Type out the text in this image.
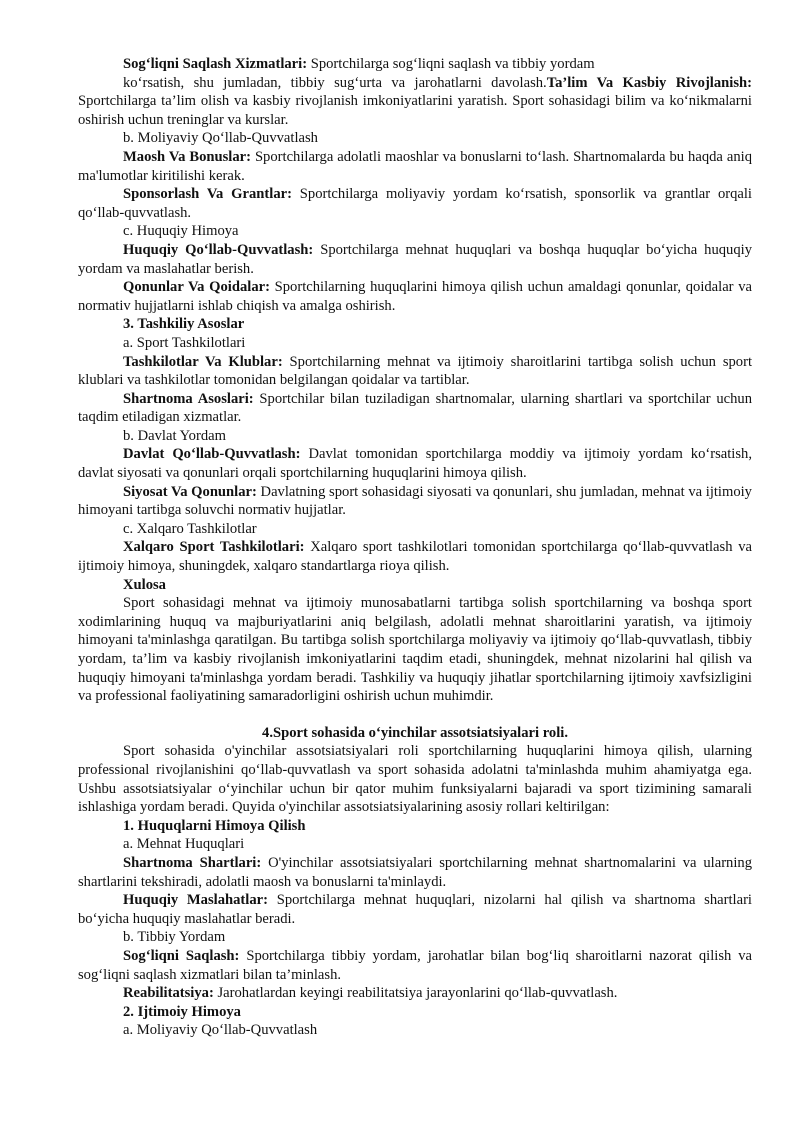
Sog‘liqni Saqlash Xizmatlari: Sportchilarga sog‘liqni saqlash va tibbiy yordam

ko‘rsatish, shu jumladan, tibbiy sug‘urta va jarohatlarni davolash.Ta’lim Va Kasbiy Rivojlanish: Sportchilarga ta’lim olish va kasbiy rivojlanish imkoniyatlarini yaratish. Sport sohasidagi bilim va ko‘nikmalarni oshirish uchun treninglar va kurslar.

b. Moliyaviy Qo‘llab-Quvvatlash

Maosh Va Bonuslar: Sportchilarga adolatli maoshlar va bonuslarni to‘lash. Shartnomalarda bu haqda aniq ma'lumotlar kiritilishi kerak.

Sponsorlash Va Grantlar: Sportchilarga moliyaviy yordam ko‘rsatish, sponsorlik va grantlar orqali qo‘llab-quvvatlash.

c. Huquqiy Himoya

Huquqiy Qo‘llab-Quvvatlash: Sportchilarga mehnat huquqlari va boshqa huquqlar bo‘yicha huquqiy yordam va maslahatlar berish.

Qonunlar Va Qoidalar: Sportchilarning huquqlarini himoya qilish uchun amaldagi qonunlar, qoidalar va normativ hujjatlarni ishlab chiqish va amalga oshirish.

3. Tashkiliy Asoslar

a. Sport Tashkilotlari

Tashkilotlar Va Klublar: Sportchilarning mehnat va ijtimoiy sharoitlarini tartibga solish uchun sport klublari va tashkilotlar tomonidan belgilangan qoidalar va tartiblar.

Shartnoma Asoslari: Sportchilar bilan tuziladigan shartnomalar, ularning shartlari va sportchilar uchun taqdim etiladigan xizmatlar.

b. Davlat Yordam

Davlat Qo‘llab-Quvvatlash: Davlat tomonidan sportchilarga moddiy va ijtimoiy yordam ko‘rsatish, davlat siyosati va qonunlari orqali sportchilarning huquqlarini himoya qilish.

Siyosat Va Qonunlar: Davlatning sport sohasidagi siyosati va qonunlari, shu jumladan, mehnat va ijtimoiy himoyani tartibga soluvchi normativ hujjatlar.

c. Xalqaro Tashkilotlar

Xalqaro Sport Tashkilotlari: Xalqaro sport tashkilotlari tomonidan sportchilarga qo‘llab-quvvatlash va ijtimoiy himoya, shuningdek, xalqaro standartlarga rioya qilish.

Xulosa

Sport sohasidagi mehnat va ijtimoiy munosabatlarni tartibga solish sportchilarning va boshqa sport xodimlarining huquq va majburiyatlarini aniq belgilash, adolatli mehnat sharoitlarini yaratish, va ijtimoiy himoyani ta'minlashga qaratilgan. Bu tartibga solish sportchilarga moliyaviy va ijtimoiy qo‘llab-quvvatlash, tibbiy yordam, ta’lim va kasbiy rivojlanish imkoniyatlarini taqdim etadi, shuningdek, mehnat nizolarini hal qilish va huquqiy himoyani ta'minlashga yordam beradi. Tashkiliy va huquqiy jihatlar sportchilarning ijtimoiy xavfsizligini va professional faoliyatining samaradorligini oshirish uchun muhimdir.

4.Sport sohasida o‘yinchilar assotsiatsiyalari roli.

Sport sohasida o'yinchilar assotsiatsiyalari roli sportchilarning huquqlarini himoya qilish, ularning professional rivojlanishini qo‘llab-quvvatlash va sport sohasida adolatni ta'minlashda muhim ahamiyatga ega. Ushbu assotsiatsiyalar o‘yinchilar uchun bir qator muhim funksiyalarni bajaradi va sport tizimining samarali ishlashiga yordam beradi. Quyida o'yinchilar assotsiatsiyalarining asosiy rollari keltirilgan:

1. Huquqlarni Himoya Qilish

a. Mehnat Huquqlari

Shartnoma Shartlari: O'yinchilar assotsiatsiyalari sportchilarning mehnat shartnomalarini va ularning shartlarini tekshiradi, adolatli maosh va bonuslarni ta'minlaydi.

Huquqiy Maslahatlar: Sportchilarga mehnat huquqlari, nizolarni hal qilish va shartnoma shartlari bo‘yicha huquqiy maslahatlar beradi.

b. Tibbiy Yordam

Sog‘liqni Saqlash: Sportchilarga tibbiy yordam, jarohatlar bilan bog‘liq sharoitlarni nazorat qilish va sog‘liqni saqlash xizmatlari bilan ta’minlash.

Reabilitatsiya: Jarohatlardan keyingi reabilitatsiya jarayonlarini qo‘llab-quvvatlash.

2. Ijtimoiy Himoya

a. Moliyaviy Qo‘llab-Quvvatlash
